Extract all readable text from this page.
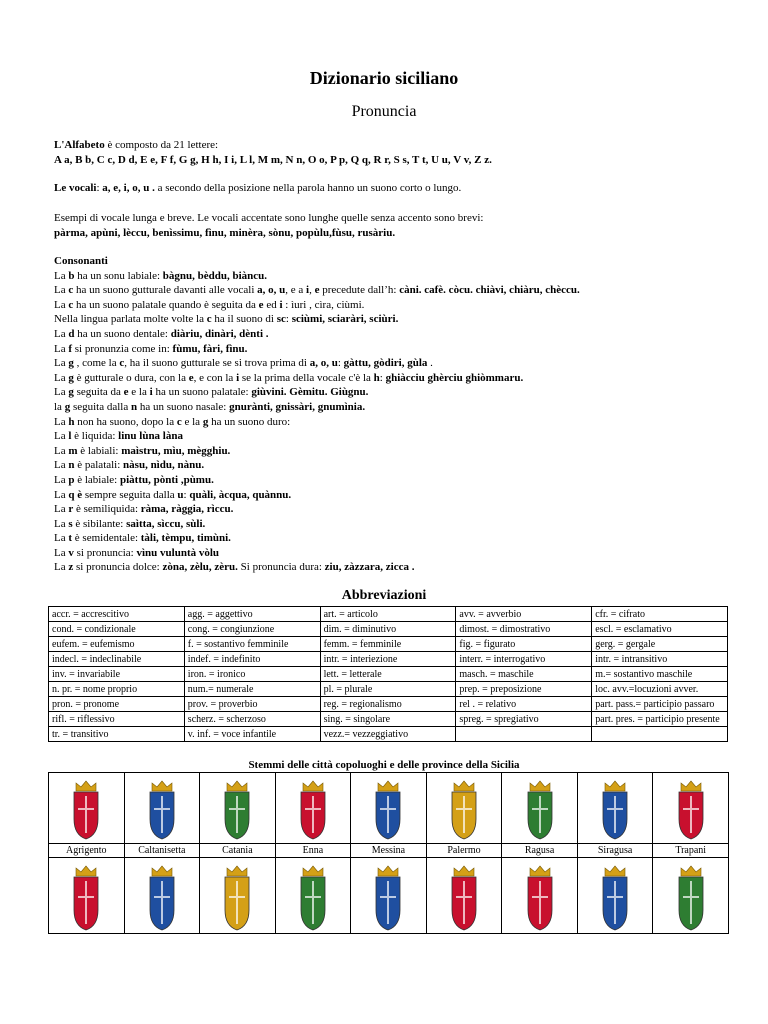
Dizionario siciliano
Pronuncia
L'Alfabeto è composto da 21 lettere:
A a, B b, C c, D d, E e, F f, G g, H h, I i, L l, M m, N n, O o, P p, Q q, R r, S s, T t, U u, V v, Z z.
Le vocali: a, e, i, o, u . a secondo della posizione nella parola hanno un suono corto o lungo.
Esempi di vocale lunga e breve. Le vocali accentate sono lunghe quelle senza accento sono brevi:
pàrma, apùni, lèccu, benìssimu, fìnu, minèra, sònu, popùlu,fùsu, rusàriu.
Consonanti
La b ha un sonu labiale: bàgnu, bèddu, biàncu.
La c ha un suono gutturale davanti alle vocali a, o, u, e a i, e precedute dall’h: càni. cafè. còcu. chiàvi, chiàru, chèccu.
La c ha un suono palatale quando è seguita da e ed i : ìuri , cìra, ciùmi.
Nella lingua parlata molte volte la c ha il suono di sc: sciùmi, sciaràri, sciùri.
La d ha un suono dentale: diàriu, dinàri, dènti .
La f si pronunzia come in: fùmu, fàri, fìnu.
La g , come la c, ha il suono gutturale se si trova prima di a, o, u: gàttu, gòdiri, gùla .
La g è gutturale o dura, con la e, e con la i se la prima della vocale c'è la h: ghiàcciu ghèrciu ghiòmmaru.
La g seguita da e e la i ha un suono palatale: giùvini. Gèmitu. Giùgnu.
la g seguita dalla n ha un suono nasale: gnurànti, gnissàri, gnumìnia.
La h non ha suono, dopo la c e la g ha un suono duro:
La l è liquida: linu lùna làna
La m è labiali: maìstru, mìu, mègghiu.
La n è palatali: nàsu, nìdu, nànu.
La p è labiale: piàttu, pònti ,pùmu.
La q è sempre seguita dalla u: quàli, àcqua, quànnu.
La r è semiliquida: ràma, ràggia, rìccu.
La s è sibilante: saìtta, sìccu, sùli.
La t è semidentale: tàli, tèmpu, timùni.
La v si pronuncia: vìnu vuluntà vòlu
La z si pronuncia dolce: zòna, zèlu, zèru. Si pronuncia dura: ziu, zàzzara, zicca .
Abbreviazioni
accr. = accrescitivo	agg. = aggettivo	art. = articolo	avv. = avverbio	cfr. = cifrato
cond. = condizionale	cong. = congiunzione	dim. = diminutivo	dimost. = dimostrativo	escl. = esclamativo
eufem. = eufemismo	f. = sostantivo femminile	femm. = femminile	fig. = figurato	gerg. = gergale
indecl. = indeclinabile	indef. = indefinito	intr. = interiezione	interr. = interrogativo	intr. = intransitivo
inv. = invariabile	iron. = ironico	lett. = letterale	masch. = maschile	m.= sostantivo maschile
n. pr. = nome proprio	num.= numerale	pl. = plurale	prep. = preposizione	loc. avv.=locuzioni avver.
pron. = pronome	prov. = proverbio	reg. = regionalismo	rel . = relativo	part. pass.= participio passaro
rifl. = riflessivo	scherz. = scherzoso	sing. = singolare	spreg. = spregiativo	part. pres. = participio presente
tr. = transitivo	v. inf. = voce infantile	vezz.= vezzeggiativo		
Stemmi delle città copoluoghi e delle province della Sicilia

Agrigento	Caltanisetta	Catania	Enna	Messina	Palermo	Ragusa	Siragusa	Trapani
